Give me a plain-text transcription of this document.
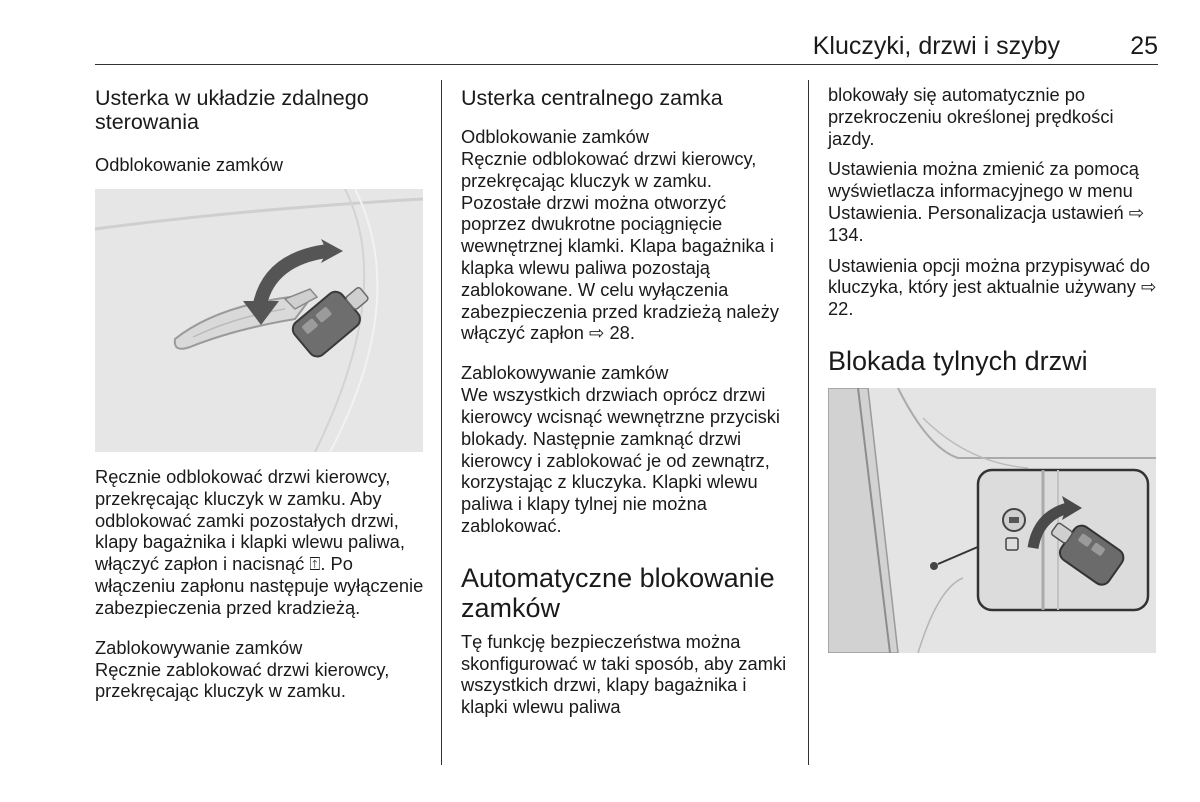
Kluczyki, drzwi i szyby	25
Usterka w układzie zdalnego sterowania
Odblokowanie zamków

Ręcznie odblokować drzwi kierowcy, przekręcając kluczyk w zamku. Aby odblokować zamki pozostałych drzwi, klapy bagażnika i klapki wlewu paliwa, włączyć zapłon i nacisnąć ⍐. Po włączeniu zapłonu następuje wyłączenie zabezpieczenia przed kradzieżą.

Zablokowywanie zamków

Ręcznie zablokować drzwi kierowcy, przekręcając kluczyk w zamku.

Usterka centralnego zamka
Odblokowanie zamków

Ręcznie odblokować drzwi kierowcy, przekręcając kluczyk w zamku. Pozostałe drzwi można otworzyć poprzez dwukrotne pociągnięcie wewnętrznej klamki. Klapa bagażnika i klapka wlewu paliwa pozostają zablokowane. W celu wyłączenia zabezpieczenia przed kradzieżą należy włączyć zapłon ⇨ 28.

Zablokowywanie zamków

We wszystkich drzwiach oprócz drzwi kierowcy wcisnąć wewnętrzne przyciski blokady. Następnie zamknąć drzwi kierowcy i zablokować je od zewnątrz, korzystając z kluczyka. Klapki wlewu paliwa i klapy tylnej nie można zablokować.

Automatyczne blokowanie zamków

Tę funkcję bezpieczeństwa można skonfigurować w taki sposób, aby zamki wszystkich drzwi, klapy bagażnika i klapki wlewu paliwa

blokowały się automatycznie po przekroczeniu określonej prędkości jazdy.

Ustawienia można zmienić za pomocą wyświetlacza informacyjnego w menu Ustawienia. Personalizacja ustawień ⇨ 134.

Ustawienia opcji można przypisywać do kluczyka, który jest aktualnie używany ⇨ 22.

Blokada tylnych drzwi
